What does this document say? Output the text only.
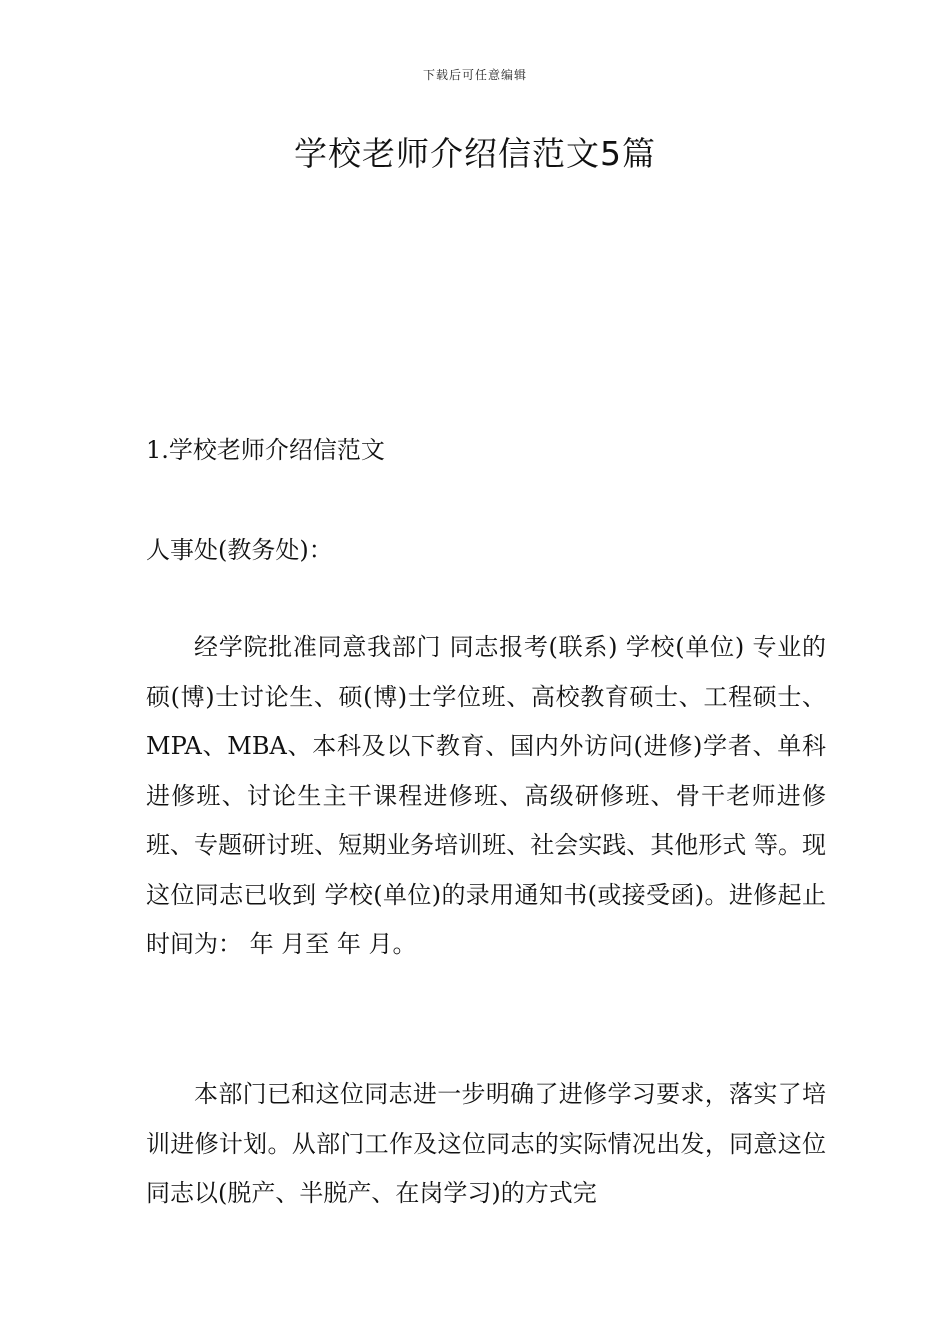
下载后可任意编辑
学校老师介绍信范文5篇
1.学校老师介绍信范文

人事处(教务处)：

经学院批准同意我部门 同志报考(联系) 学校(单位) 专业的硕(博)士讨论生、硕(博)士学位班、高校教育硕士、工程硕士、MPA、MBA、本科及以下教育、国内外访问(进修)学者、单科进修班、讨论生主干课程进修班、高级研修班、骨干老师进修班、专题研讨班、短期业务培训班、社会实践、其他形式 等。现这位同志已收到 学校(单位)的录用通知书(或接受函)。进修起止时间为： 年 月至 年 月。

本部门已和这位同志进一步明确了进修学习要求，落实了培训进修计划。从部门工作及这位同志的实际情况出发，同意这位同志以(脱产、半脱产、在岗学习)的方式完
